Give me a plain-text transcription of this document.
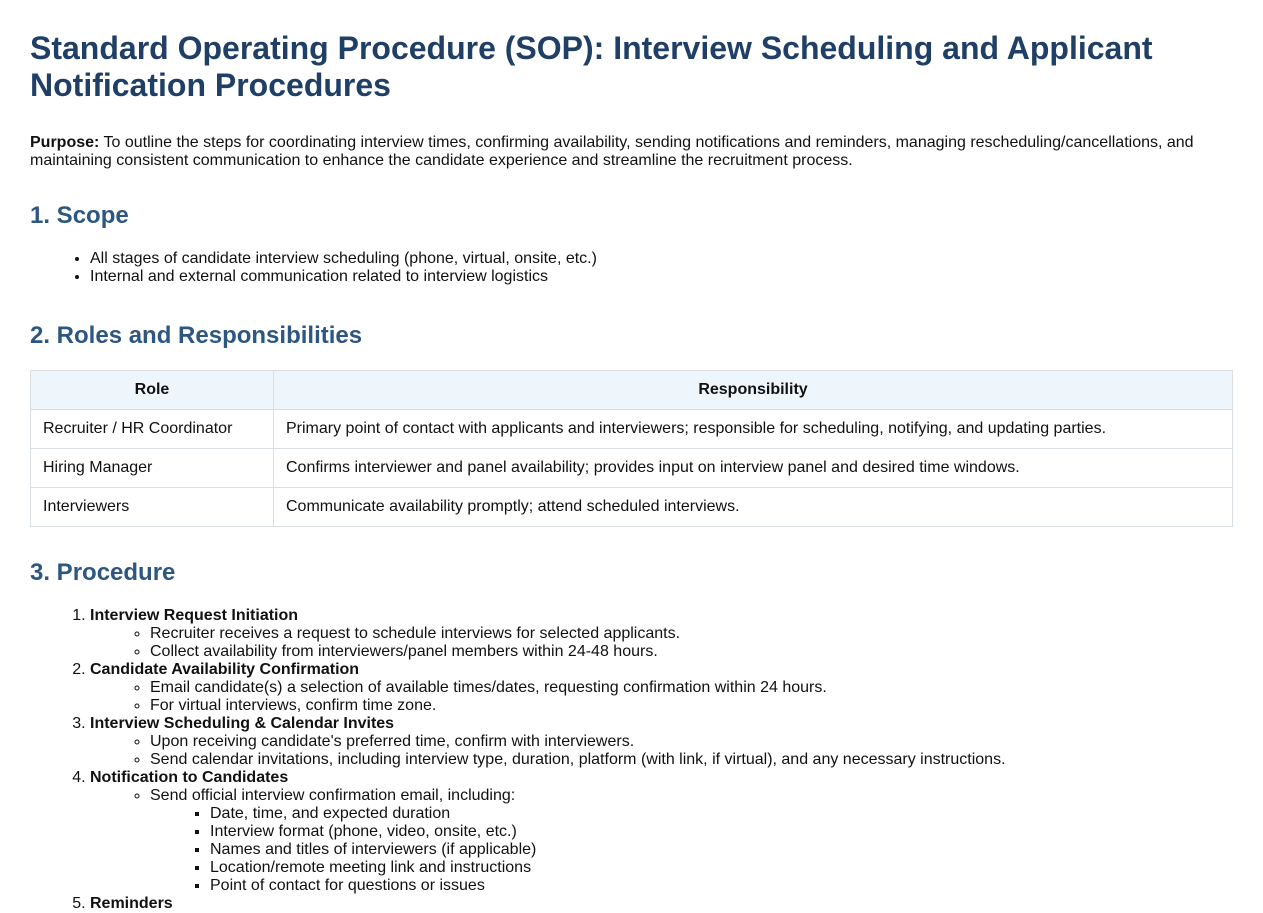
Standard Operating Procedure (SOP): Interview Scheduling and Applicant Notification Procedures

Purpose: To outline the steps for coordinating interview times, confirming availability, sending notifications and reminders, managing rescheduling/cancellations, and maintaining consistent communication to enhance the candidate experience and streamline the recruitment process.

1. Scope
• All stages of candidate interview scheduling (phone, virtual, onsite, etc.)
• Internal and external communication related to interview logistics
2. Roles and Responsibilities
Role	Responsibility
Recruiter / HR Coordinator	Primary point of contact with applicants and interviewers; responsible for scheduling, notifying, and updating parties.
Hiring Manager	Confirms interviewer and panel availability; provides input on interview panel and desired time windows.
Interviewers	Communicate availability promptly; attend scheduled interviews.
3. Procedure
1. Interview Request Initiation
◦ Recruiter receives a request to schedule interviews for selected applicants.
◦ Collect availability from interviewers/panel members within 24-48 hours.
2. Candidate Availability Confirmation
◦ Email candidate(s) a selection of available times/dates, requesting confirmation within 24 hours.
◦ For virtual interviews, confirm time zone.
3. Interview Scheduling & Calendar Invites
◦ Upon receiving candidate's preferred time, confirm with interviewers.
◦ Send calendar invitations, including interview type, duration, platform (with link, if virtual), and any necessary instructions.
4. Notification to Candidates
◦ Send official interview confirmation email, including:
▪ Date, time, and expected duration
▪ Interview format (phone, video, onsite, etc.)
▪ Names and titles of interviewers (if applicable)
▪ Location/remote meeting link and instructions
▪ Point of contact for questions or issues
5. Reminders
